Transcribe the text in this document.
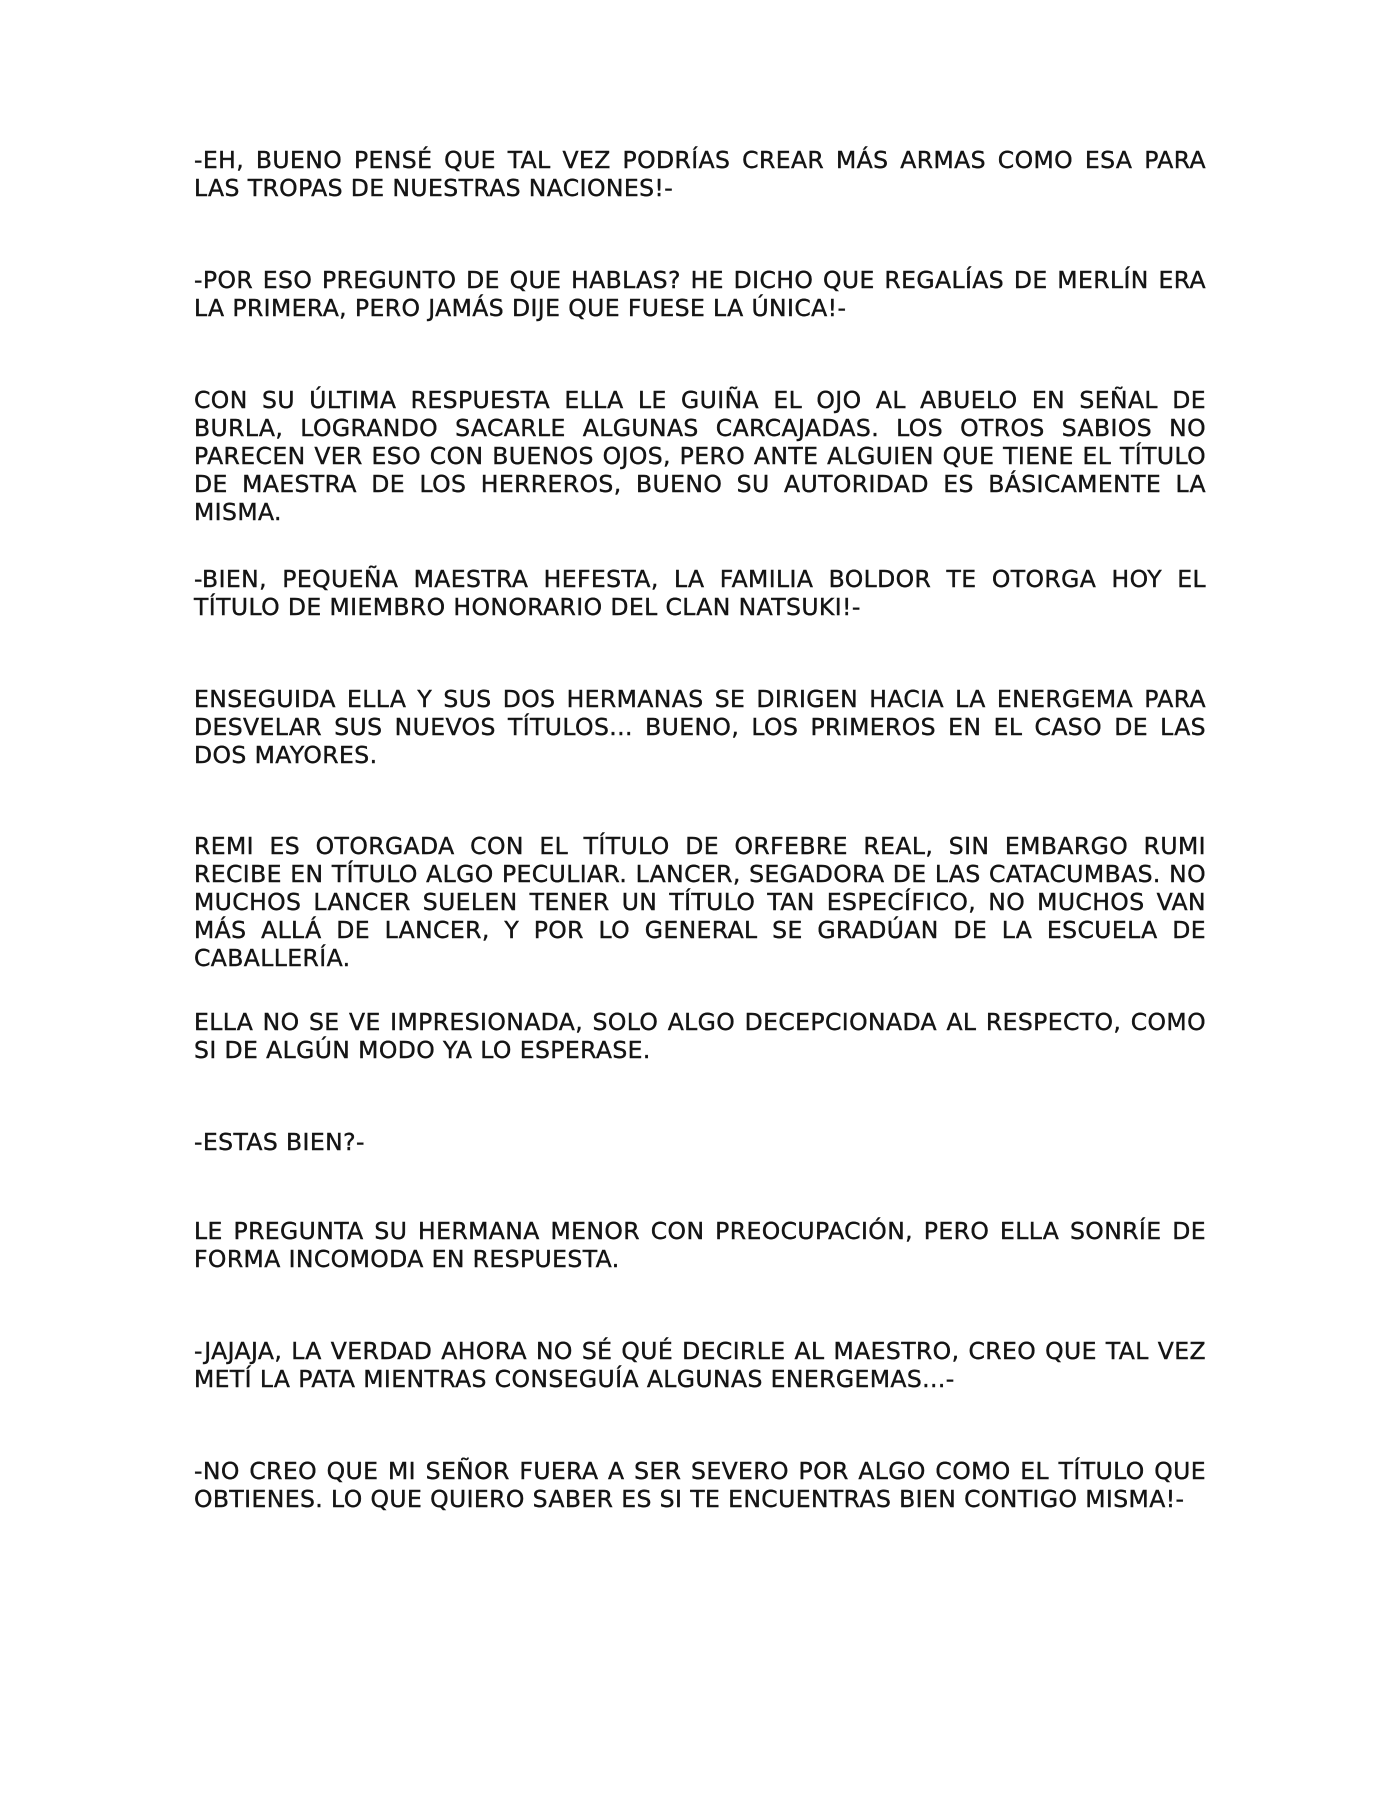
-EH, BUENO PENSÉ QUE TAL VEZ PODRÍAS CREAR MÁS ARMAS COMO ESA PARA LAS TROPAS DE NUESTRAS NACIONES!-

-POR ESO PREGUNTO DE QUE HABLAS? HE DICHO QUE REGALÍAS DE MERLÍN ERA LA PRIMERA, PERO JAMÁS DIJE QUE FUESE LA ÚNICA!-

CON SU ÚLTIMA RESPUESTA ELLA LE GUIÑA EL OJO AL ABUELO EN SEÑAL DE BURLA, LOGRANDO SACARLE ALGUNAS CARCAJADAS. LOS OTROS SABIOS NO PARECEN VER ESO CON BUENOS OJOS, PERO ANTE ALGUIEN QUE TIENE EL TÍTULO DE MAESTRA DE LOS HERREROS, BUENO SU AUTORIDAD ES BÁSICAMENTE LA MISMA.

-BIEN, PEQUEÑA MAESTRA HEFESTA, LA FAMILIA BOLDOR TE OTORGA HOY EL TÍTULO DE MIEMBRO HONORARIO DEL CLAN NATSUKI!-

ENSEGUIDA ELLA Y SUS DOS HERMANAS SE DIRIGEN HACIA LA ENERGEMA PARA DESVELAR SUS NUEVOS TÍTULOS... BUENO, LOS PRIMEROS EN EL CASO DE LAS DOS MAYORES.

REMI ES OTORGADA CON EL TÍTULO DE ORFEBRE REAL, SIN EMBARGO RUMI RECIBE EN TÍTULO ALGO PECULIAR. LANCER, SEGADORA DE LAS CATACUMBAS. NO MUCHOS LANCER SUELEN TENER UN TÍTULO TAN ESPECÍFICO, NO MUCHOS VAN MÁS ALLÁ DE LANCER, Y POR LO GENERAL SE GRADÚAN DE LA ESCUELA DE CABALLERÍA.

ELLA NO SE VE IMPRESIONADA, SOLO ALGO DECEPCIONADA AL RESPECTO, COMO SI DE ALGÚN MODO YA LO ESPERASE.

-ESTAS BIEN?-

LE PREGUNTA SU HERMANA MENOR CON PREOCUPACIÓN, PERO ELLA SONRÍE DE FORMA INCOMODA EN RESPUESTA.

-JAJAJA, LA VERDAD AHORA NO SÉ QUÉ DECIRLE AL MAESTRO, CREO QUE TAL VEZ METÍ LA PATA MIENTRAS CONSEGUÍA ALGUNAS ENERGEMAS...-

-NO CREO QUE MI SEÑOR FUERA A SER SEVERO POR ALGO COMO EL TÍTULO QUE OBTIENES. LO QUE QUIERO SABER ES SI TE ENCUENTRAS BIEN CONTIGO MISMA!-
